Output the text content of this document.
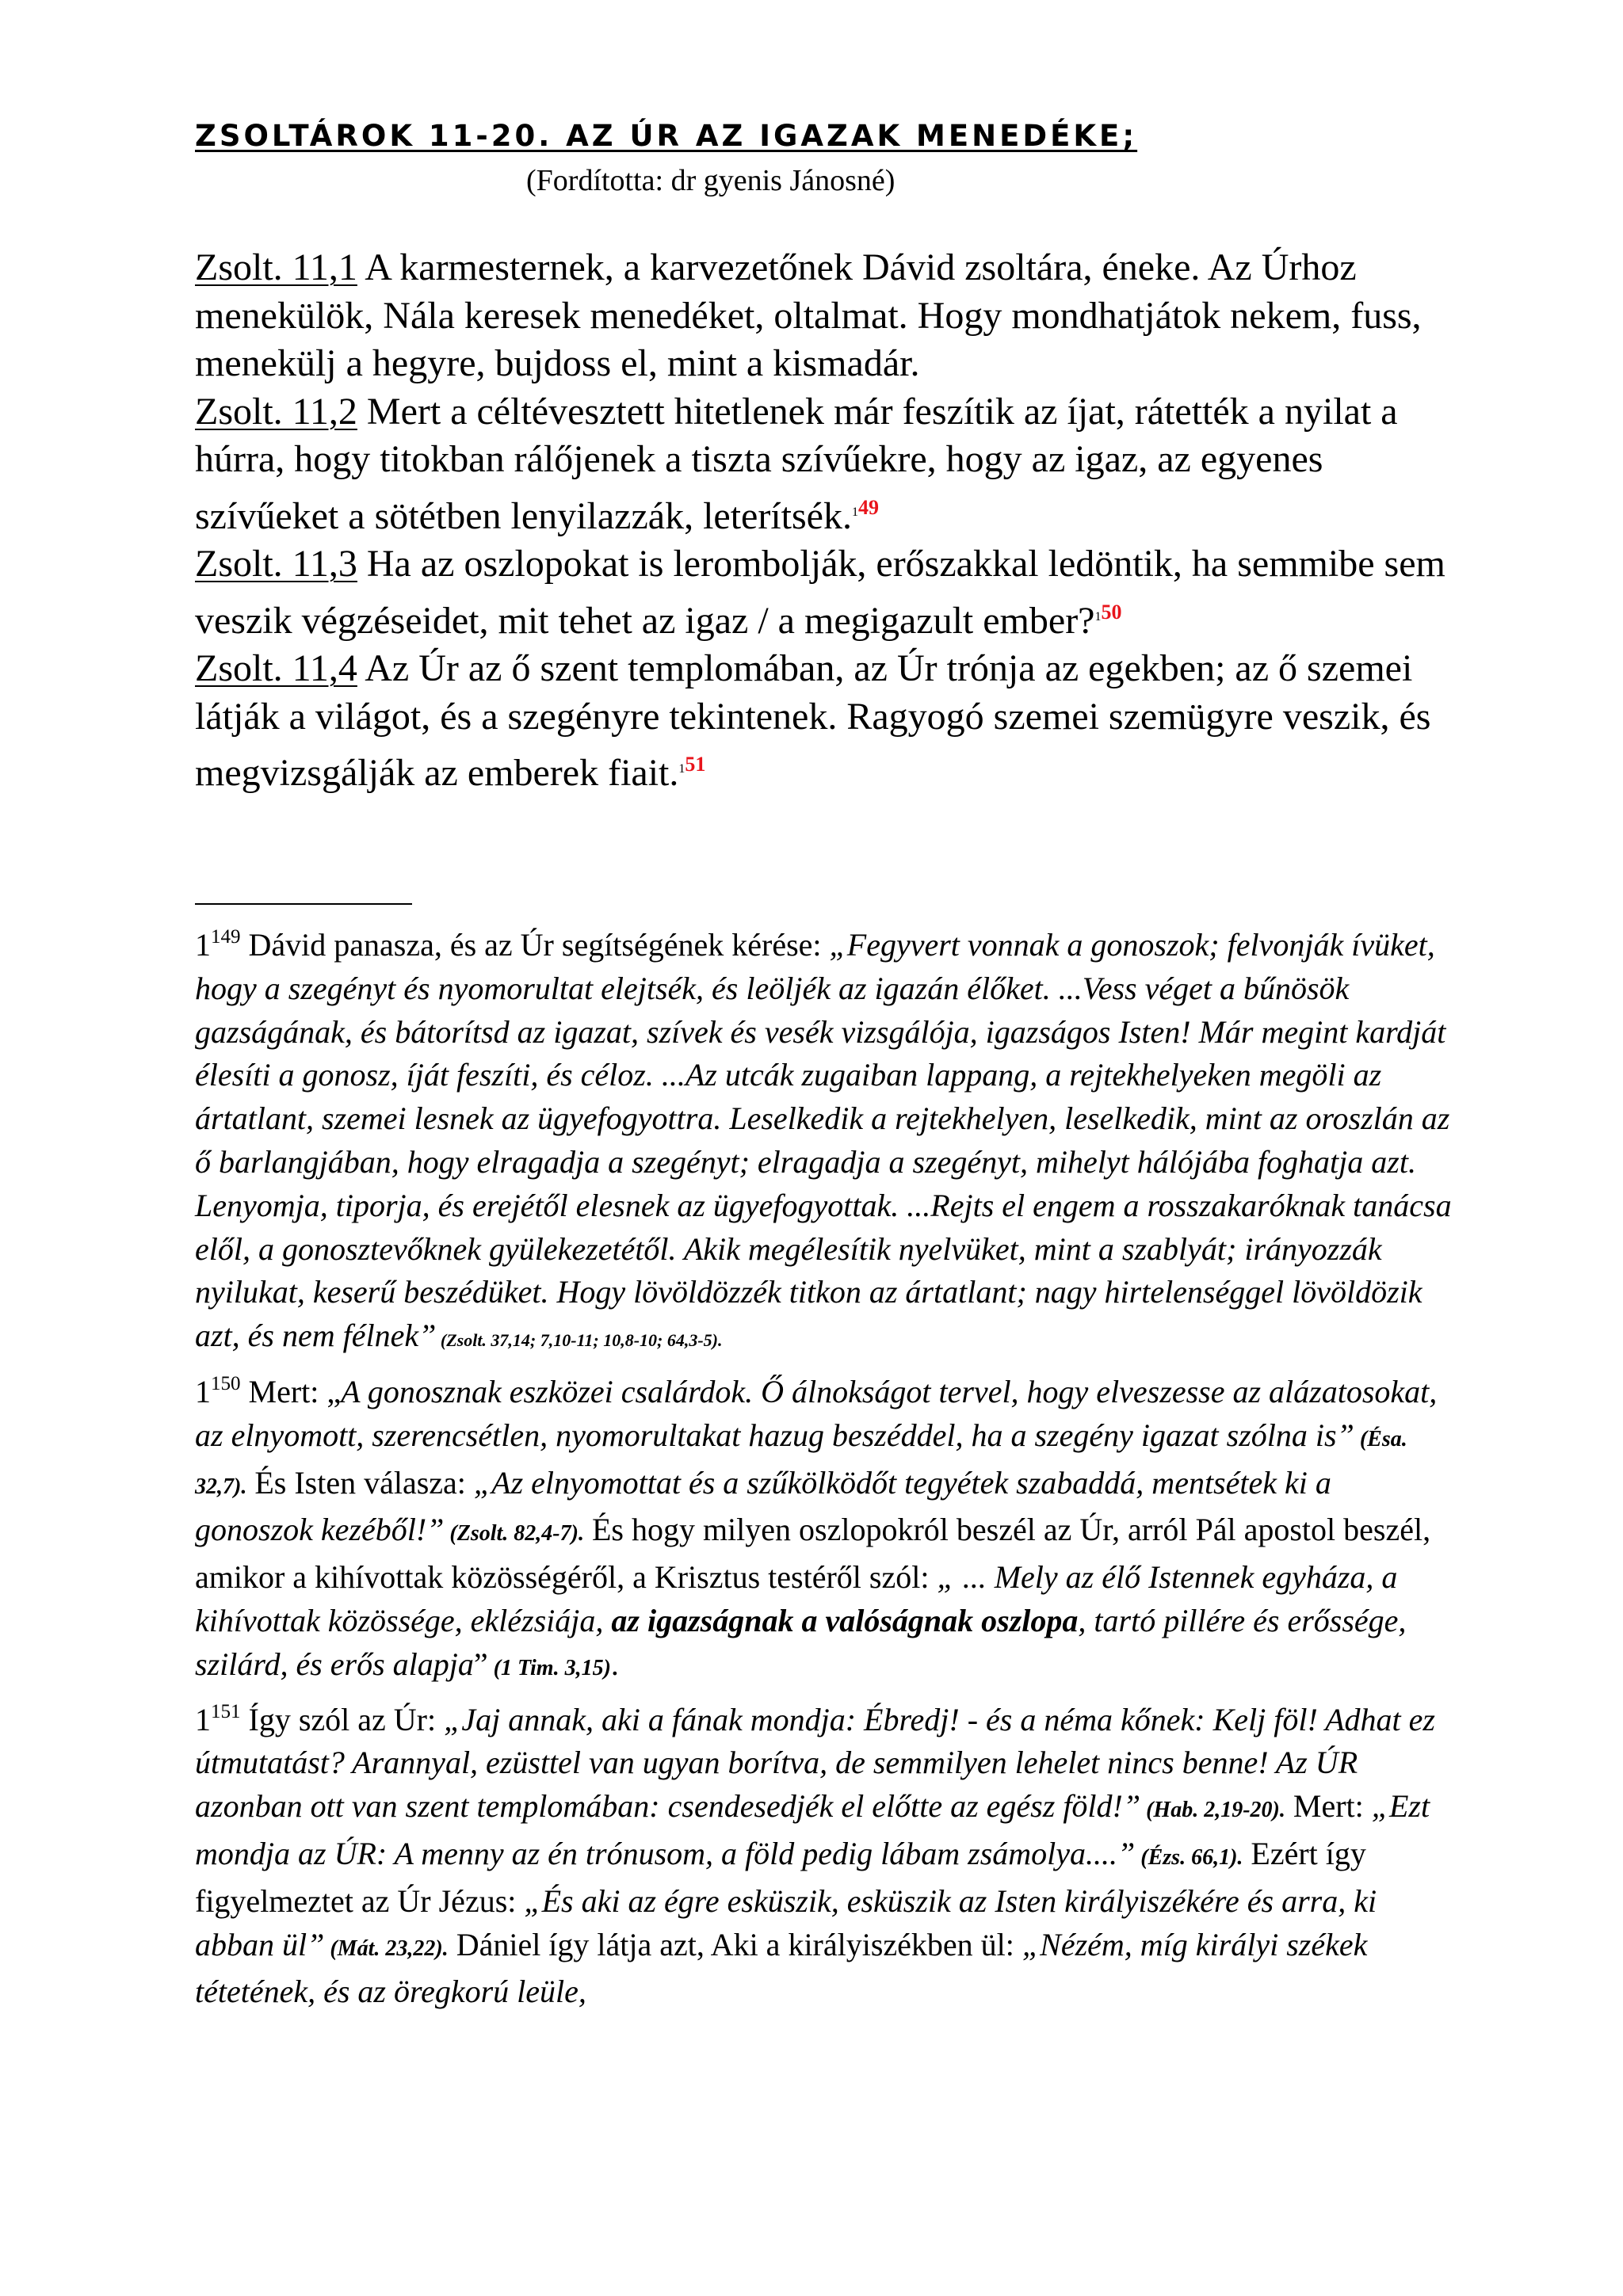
ZSOLTÁROK 11-20. AZ ÚR AZ IGAZAK MENEDÉKE;
(Fordította: dr gyenis Jánosné)

Zsolt. 11,1 A karmesternek, a karvezetőnek Dávid zsoltára, éneke. Az Úrhoz menekülök, Nála keresek menedéket, oltalmat. Hogy mondhatjátok nekem, fuss, menekülj a hegyre, bujdoss el, mint a kismadár.

Zsolt. 11,2 Mert a céltévesztett hitetlenek már feszítik az íjat, rátették a nyilat a húrra, hogy titokban rálőjenek a tiszta szívűekre, hogy az igaz, az egyenes szívűeket a sötétben lenyilazzák, leterítsék.$^{149}$

Zsolt. 11,3 Ha az oszlopokat is lerombolják, erőszakkal ledöntik, ha semmibe sem veszik végzéseidet, mit tehet az igaz / a megigazult ember?$^{150}$

Zsolt. 11,4 Az Úr az ő szent templomában, az Úr trónja az egekben; az ő szemei látják a világot, és a szegényre tekintenek. Ragyogó szemei szemügyre veszik, és megvizsgálják az emberek fiait.$^{151}$

$1^{149}$ Dávid panasza, és az Úr segítségének kérése: „Fegyvert vonnak a gonoszok; felvonják ívüket, hogy a szegényt és nyomorultat elejtsék, és leöljék az igazán élőket. ...Vess véget a bűnösök gazságának, és bátorítsd az igazat, szívek és vesék vizsgálója, igazságos Isten! Már megint kardját élesíti a gonosz, íját feszíti, és céloz. ...Az utcák zugaiban lappang, a rejtekhelyeken megöli az ártatlant, szemei lesnek az ügyefogyottra. Leselkedik a rejtekhelyen, leselkedik, mint az oroszlán az ő barlangjában, hogy elragadja a szegényt; elragadja a szegényt, mihelyt hálójába foghatja azt. Lenyomja, tiporja, és erejétől elesnek az ügyefogyottak. ...Rejts el engem a rosszakaróknak tanácsa elől, a gonosztevőknek gyülekezetétől. Akik megélesítik nyelvüket, mint a szablyát; irányozzák nyilukat, keserű beszédüket. Hogy lövöldözzék titkon az ártatlant; nagy hirtelenséggel lövöldözik azt, és nem félnek” (Zsolt. 37,14; 7,10-11; 10,8-10; 64,3-5).

$1^{150}$ Mert: „A gonosznak eszközei csalárdok. Ő álnokságot tervel, hogy elveszesse az alázatosokat, az elnyomott, szerencsétlen, nyomorultakat hazug beszéddel, ha a szegény igazat szólna is” (Ésa. 32,7). És Isten válasza: „Az elnyomottat és a szűkölködőt tegyétek szabaddá, mentsétek ki a gonoszok kezéből!” (Zsolt. 82,4-7). És hogy milyen oszlopokról beszél az Úr, arról Pál apostol beszél, amikor a kihívottak közösségéről, a Krisztus testéről szól: „ ... Mely az élő Istennek egyháza, a kihívottak közössége, eklézsiája, az igazságnak a valóságnak oszlopa, tartó pillére és erőssége, szilárd, és erős alapja” (1 Tim. 3,15).

$1^{151}$ Így szól az Úr: „Jaj annak, aki a fának mondja: Ébredj! - és a néma kőnek: Kelj föl! Adhat ez útmutatást? Arannyal, ezüsttel van ugyan borítva, de semmilyen lehelet nincs benne! Az ÚR azonban ott van szent templomában: csendesedjék el előtte az egész föld!” (Hab. 2,19-20). Mert: „Ezt mondja az ÚR: A menny az én trónusom, a föld pedig lábam zsámolya....” (Ézs. 66,1). Ezért így figyelmeztet az Úr Jézus: „És aki az égre esküszik, esküszik az Isten királyiszékére és arra, ki abban ül” (Mát. 23,22). Dániel így látja azt, Aki a királyiszékben ül: „Nézém, míg királyi székek tétetének, és az öregkorú leüle,
